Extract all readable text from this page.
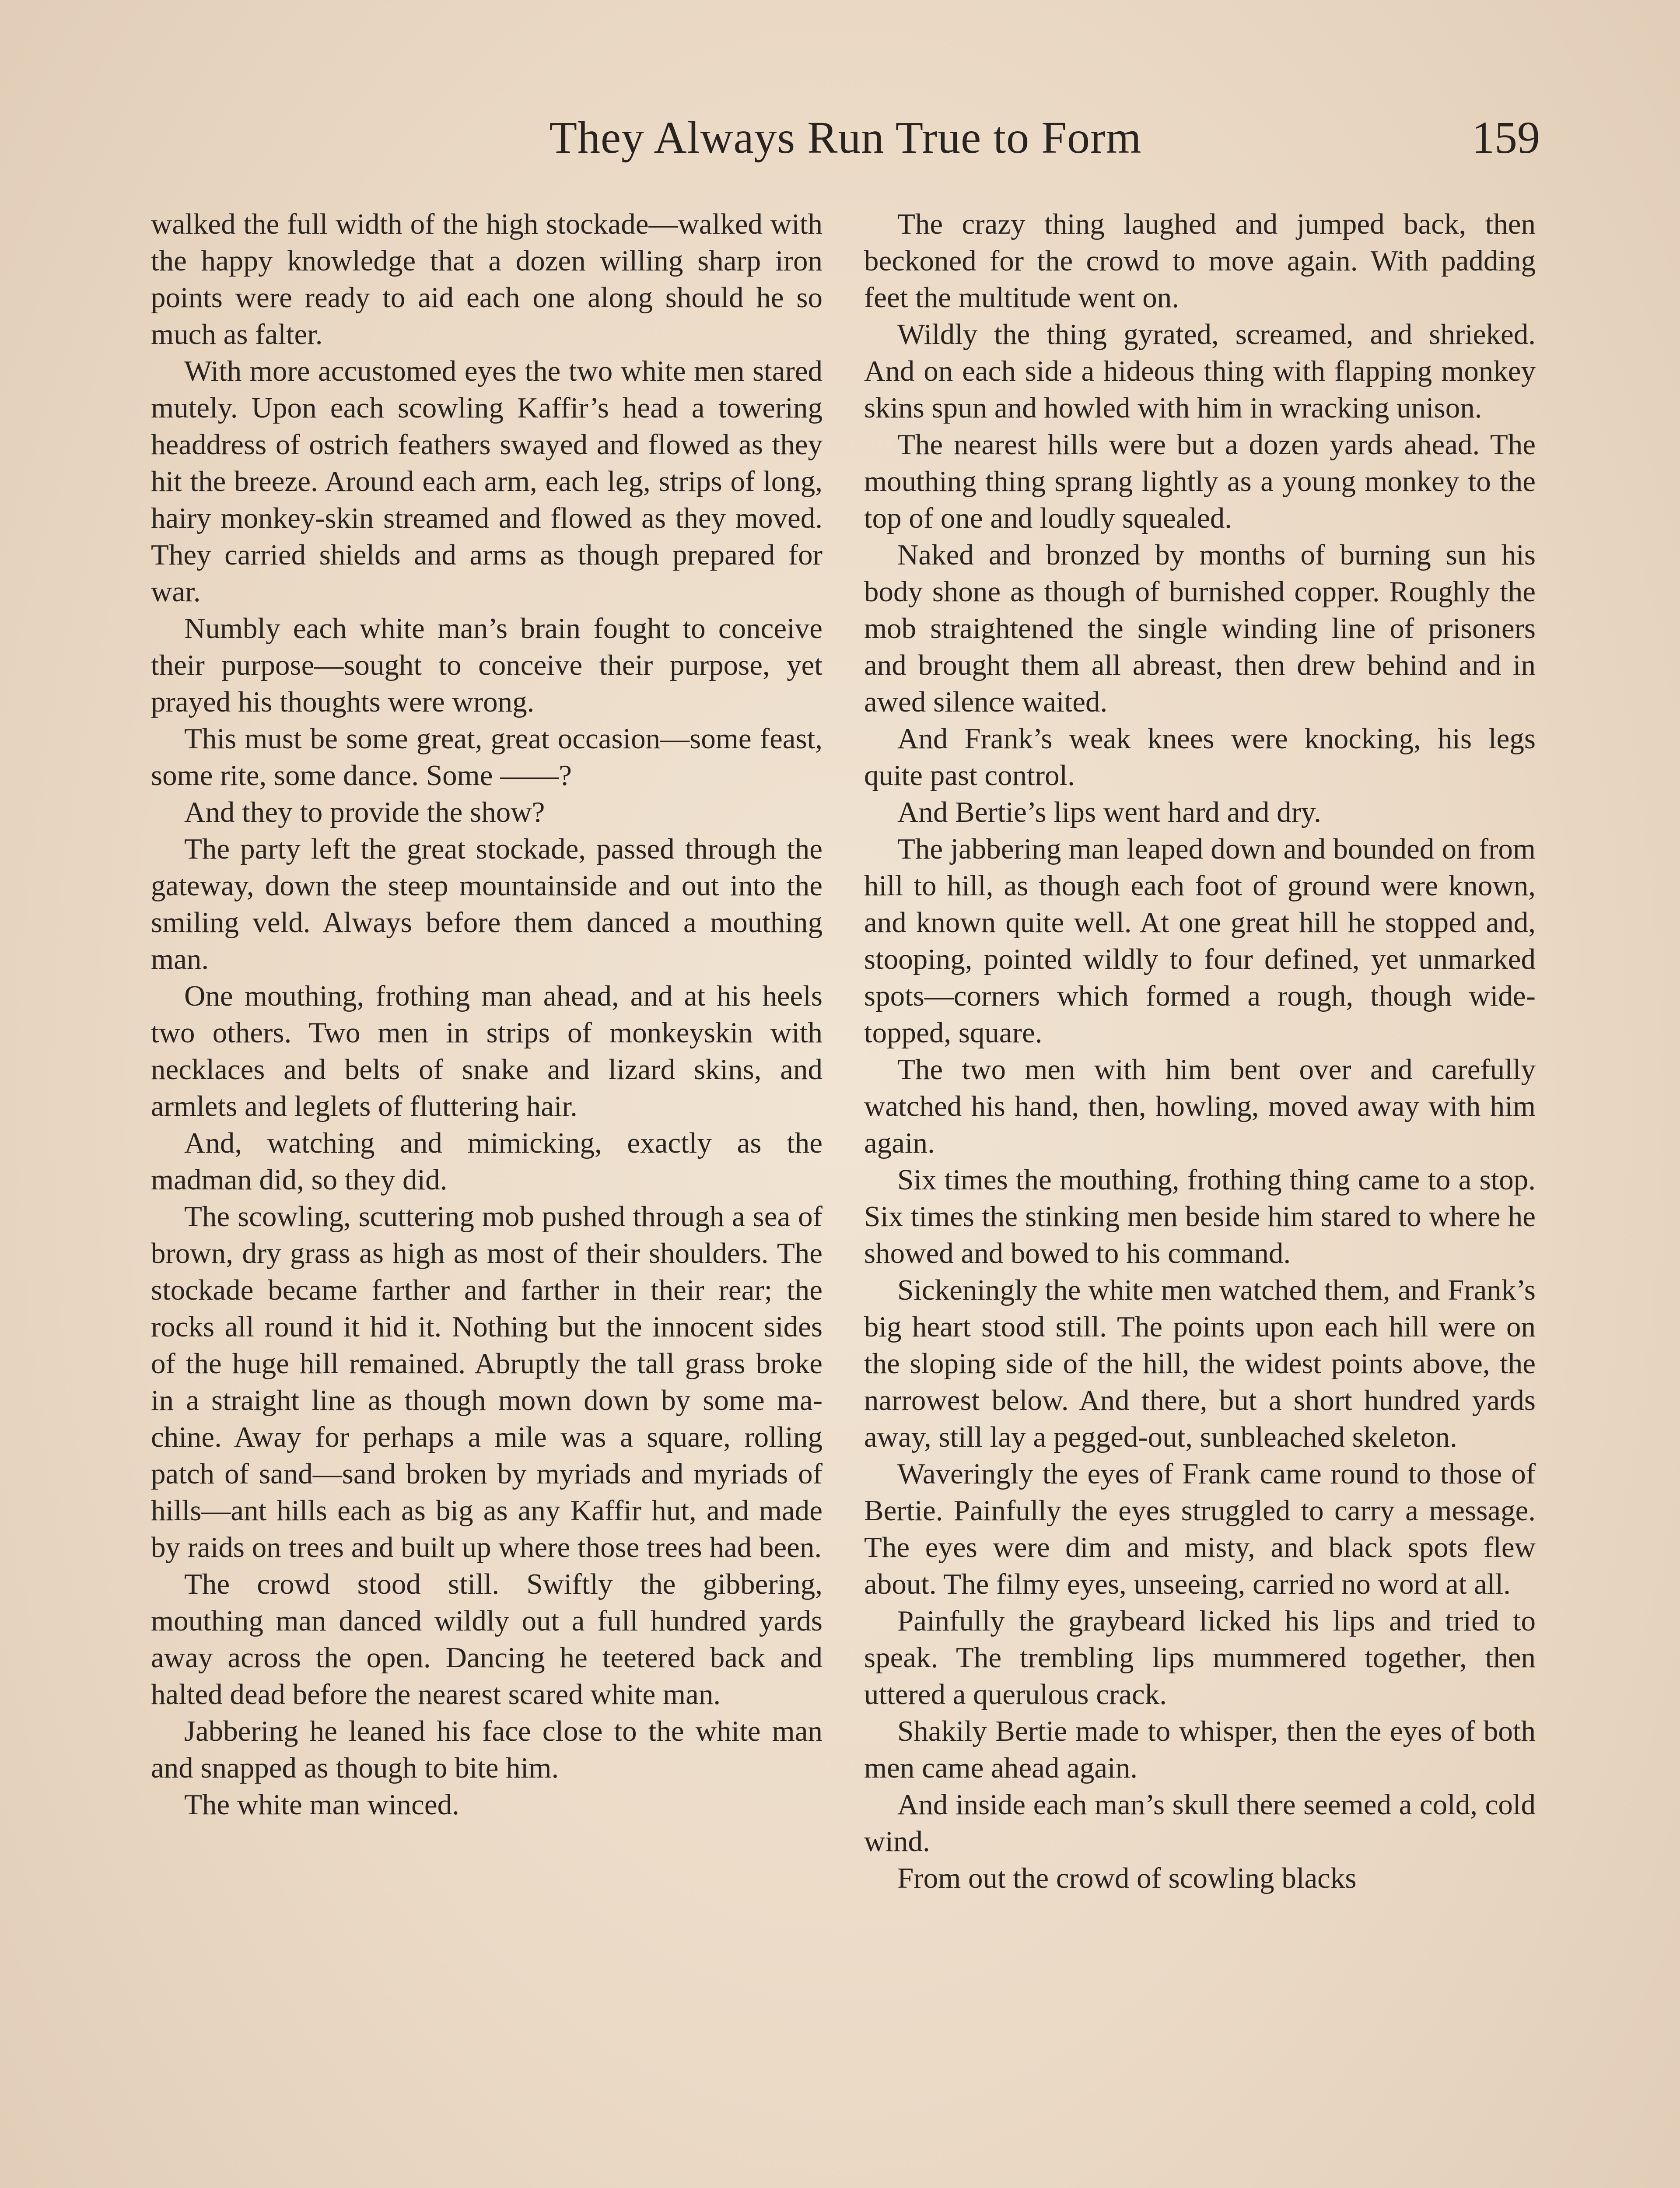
They Always Run True to Form	159

walked the full width of the high stockade—walked with the happy knowledge that a dozen willing sharp iron points were ready to aid each one along should he so much as falter.

With more accustomed eyes the two white men stared mutely. Upon each scowling Kaffir’s head a towering headdress of ostrich feathers swayed and flowed as they hit the breeze. Around each arm, each leg, strips of long, hairy monkey-skin streamed and flowed as they moved. They carried shields and arms as though prepared for war.

Numbly each white man’s brain fought to conceive their purpose—sought to conceive their purpose, yet prayed his thoughts were wrong.

This must be some great, great occasion—some feast, some rite, some dance. Some ——?

And they to provide the show?

The party left the great stockade, passed through the gateway, down the steep mountainside and out into the smiling veld. Always before them danced a mouthing man.

One mouthing, frothing man ahead, and at his heels two others. Two men in strips of monkeyskin with necklaces and belts of snake and lizard skins, and armlets and leglets of fluttering hair.

And, watching and mimicking, exactly as the madman did, so they did.

The scowling, scuttering mob pushed through a sea of brown, dry grass as high as most of their shoulders. The stockade became farther and farther in their rear; the rocks all round it hid it. Nothing but the innocent sides of the huge hill remained. Abruptly the tall grass broke in a straight line as though mown down by some machine. Away for perhaps a mile was a square, rolling patch of sand—sand broken by myriads and myriads of hills—ant hills each as big as any Kaffir hut, and made by raids on trees and built up where those trees had been.

The crowd stood still. Swiftly the gibbering, mouthing man danced wildly out a full hundred yards away across the open. Dancing he teetered back and halted dead before the nearest scared white man.

Jabbering he leaned his face close to the white man and snapped as though to bite him.

The white man winced.

The crazy thing laughed and jumped back, then beckoned for the crowd to move again. With padding feet the multitude went on.

Wildly the thing gyrated, screamed, and shrieked. And on each side a hideous thing with flapping monkey skins spun and howled with him in wracking unison.

The nearest hills were but a dozen yards ahead. The mouthing thing sprang lightly as a young monkey to the top of one and loudly squealed.

Naked and bronzed by months of burning sun his body shone as though of burnished copper. Roughly the mob straightened the single winding line of prisoners and brought them all abreast, then drew behind and in awed silence waited.

And Frank’s weak knees were knocking, his legs quite past control.

And Bertie’s lips went hard and dry.

The jabbering man leaped down and bounded on from hill to hill, as though each foot of ground were known, and known quite well. At one great hill he stopped and, stooping, pointed wildly to four defined, yet unmarked spots—corners which formed a rough, though wide-topped, square.

The two men with him bent over and carefully watched his hand, then, howling, moved away with him again.

Six times the mouthing, frothing thing came to a stop. Six times the stinking men beside him stared to where he showed and bowed to his command.

Sickeningly the white men watched them, and Frank’s big heart stood still. The points upon each hill were on the sloping side of the hill, the widest points above, the narrowest below. And there, but a short hundred yards away, still lay a pegged-out, sunbleached skeleton.

Waveringly the eyes of Frank came round to those of Bertie. Painfully the eyes struggled to carry a message. The eyes were dim and misty, and black spots flew about. The filmy eyes, unseeing, carried no word at all.

Painfully the graybeard licked his lips and tried to speak. The trembling lips mummered together, then uttered a querulous crack.

Shakily Bertie made to whisper, then the eyes of both men came ahead again.

And inside each man’s skull there seemed a cold, cold wind.

From out the crowd of scowling blacks
